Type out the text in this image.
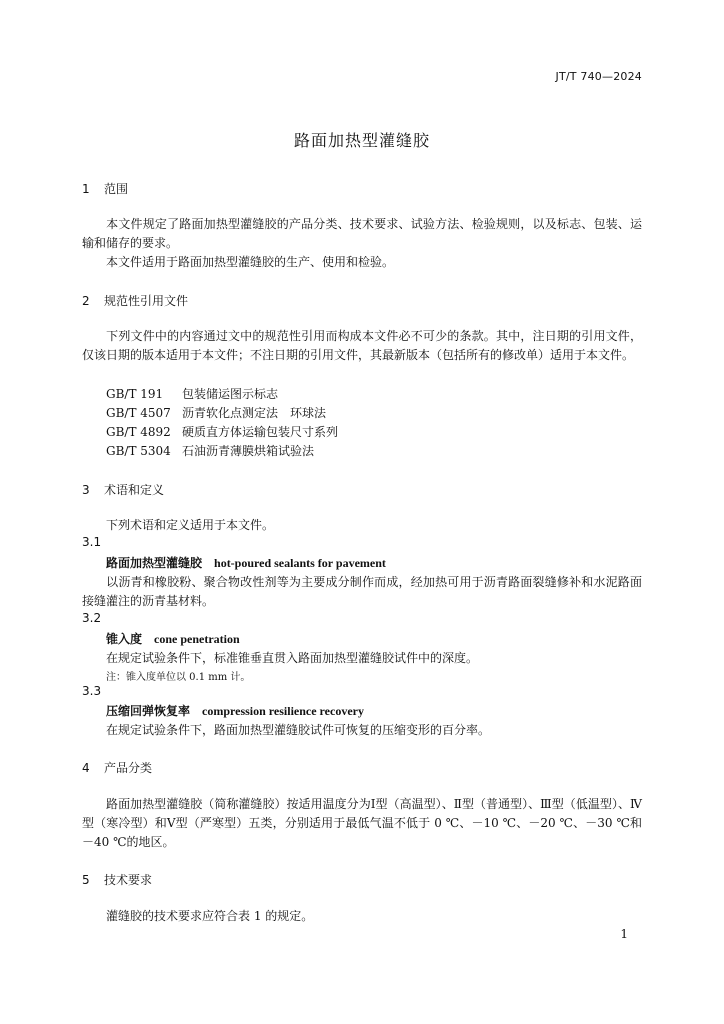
JT/T 740—2024
路面加热型灌缝胶
1 范围
本文件规定了路面加热型灌缝胶的产品分类、技术要求、试验方法、检验规则，以及标志、包装、运输和储存的要求。
本文件适用于路面加热型灌缝胶的生产、使用和检验。
2 规范性引用文件
下列文件中的内容通过文中的规范性引用而构成本文件必不可少的条款。其中，注日期的引用文件，仅该日期的版本适用于本文件；不注日期的引用文件，其最新版本（包括所有的修改单）适用于本文件。
GB/T 191 包装储运图示标志
GB/T 4507 沥青软化点测定法　环球法
GB/T 4892 硬质直方体运输包装尺寸系列
GB/T 5304 石油沥青薄膜烘箱试验法
3 术语和定义
下列术语和定义适用于本文件。
3.1
路面加热型灌缝胶 hot-poured sealants for pavement
以沥青和橡胶粉、聚合物改性剂等为主要成分制作而成，经加热可用于沥青路面裂缝修补和水泥路面接缝灌注的沥青基材料。
3.2
锥入度 cone penetration
在规定试验条件下，标准锥垂直贯入路面加热型灌缝胶试件中的深度。
注：锥入度单位以 0.1 mm 计。
3.3
压缩回弹恢复率 compression resilience recovery
在规定试验条件下，路面加热型灌缝胶试件可恢复的压缩变形的百分率。
4 产品分类
路面加热型灌缝胶（简称灌缝胶）按适用温度分为Ⅰ型（高温型）、Ⅱ型（普通型）、Ⅲ型（低温型）、Ⅳ型（寒冷型）和Ⅴ型（严寒型）五类，分别适用于最低气温不低于 0 ℃、－10 ℃、－20 ℃、－30 ℃和－40 ℃的地区。
5 技术要求
灌缝胶的技术要求应符合表 1 的规定。
1
